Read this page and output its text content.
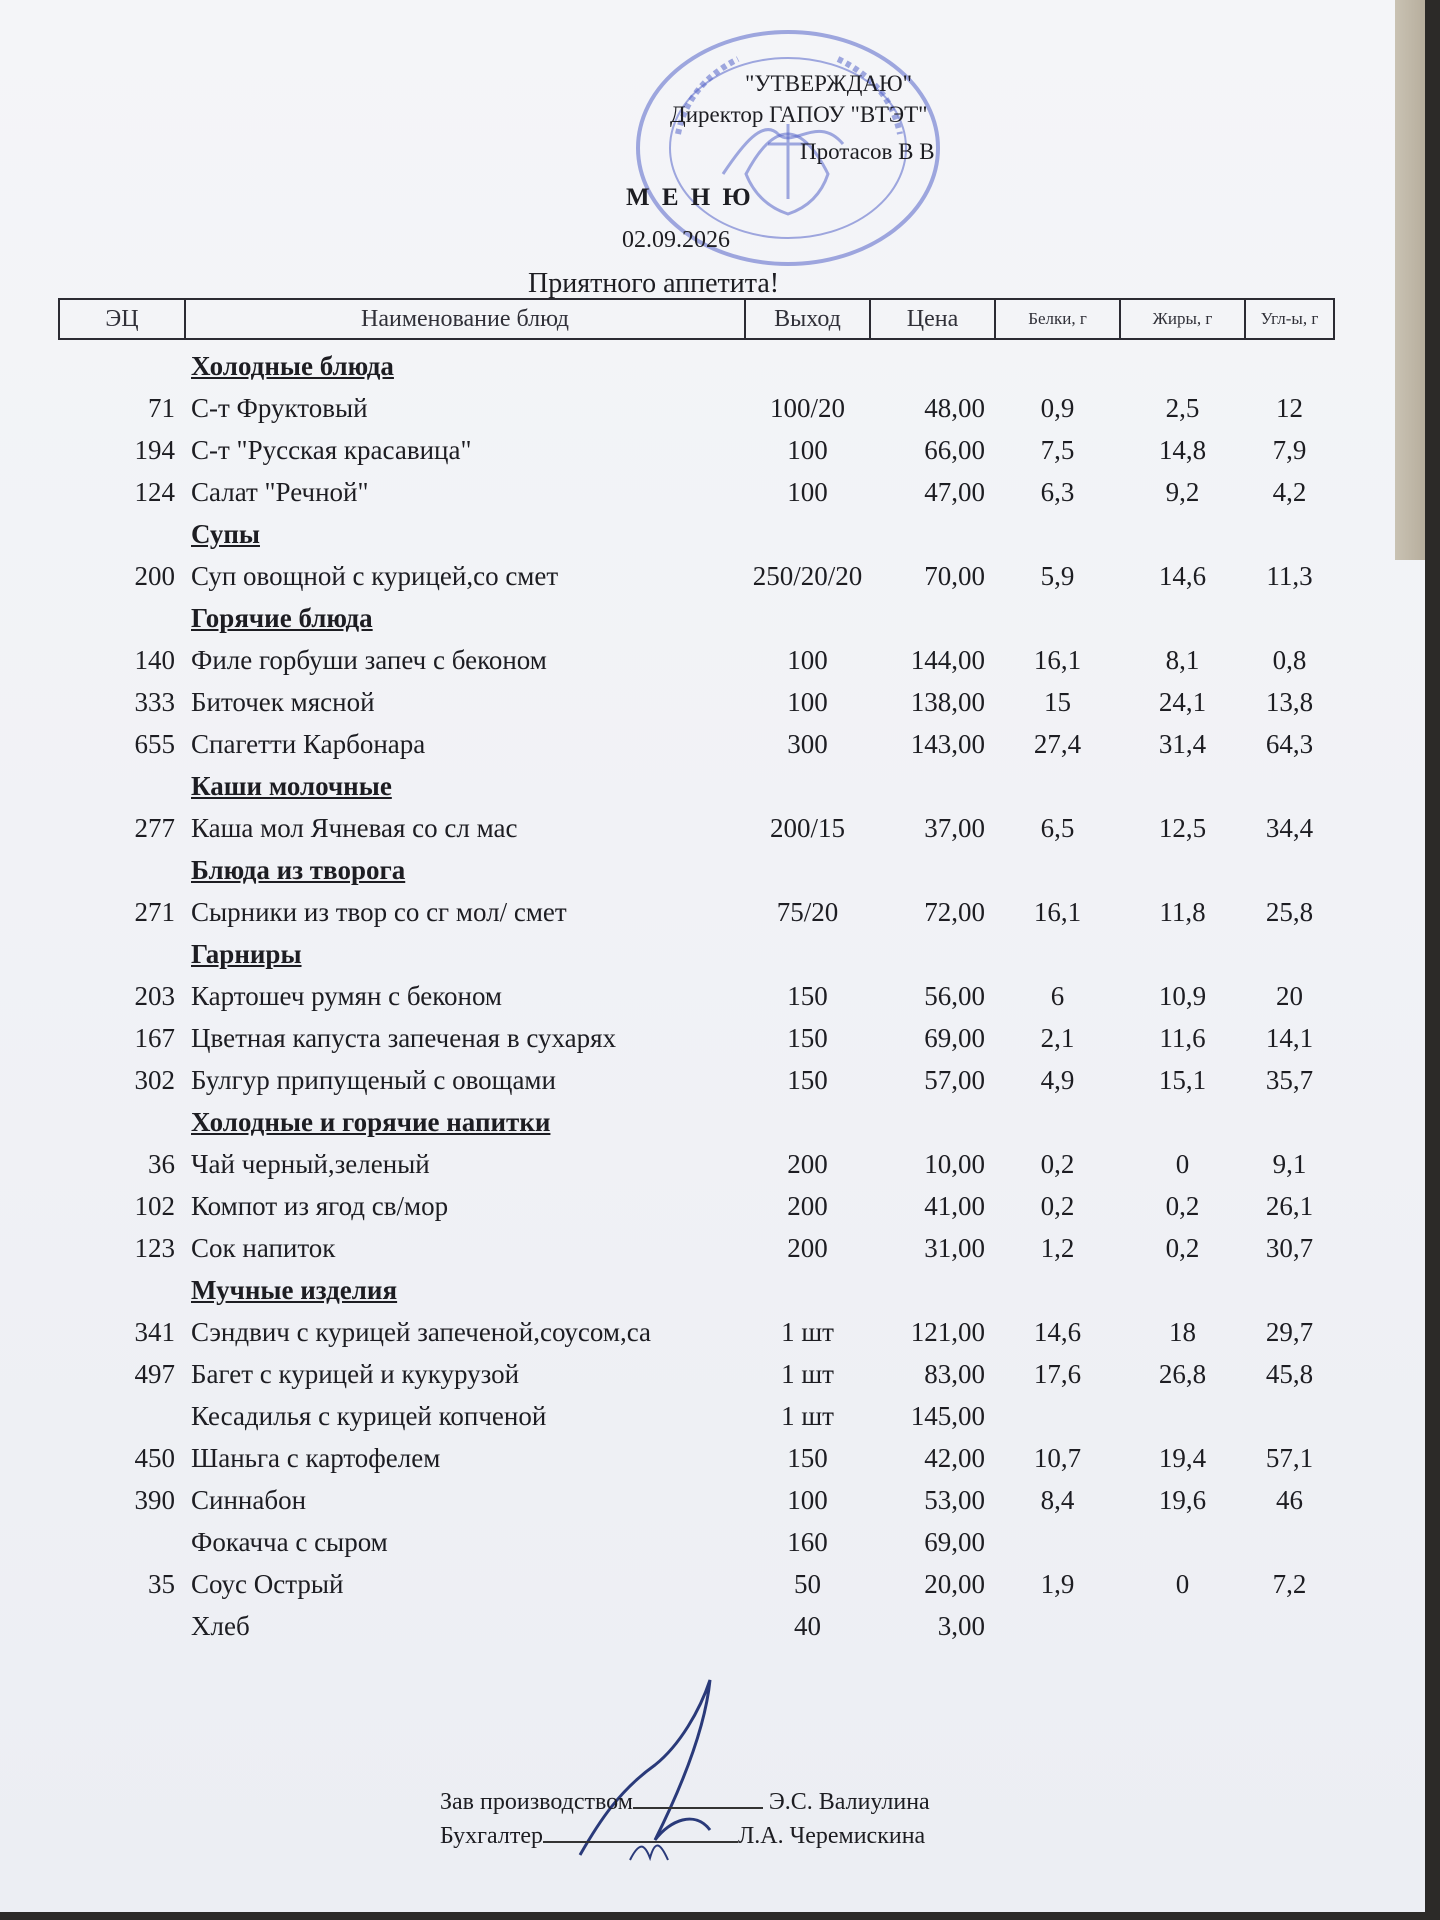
"УТВЕРЖДАЮ"
Директор ГАПОУ "ВТЭТ"
Протасов В В
М Е Н Ю
02.09.2026
Приятного аппетита!
ЭЦ	Наименование блюд	Выход	Цена	Белки, г	Жиры, г	Угл-ы, г
	Холодные блюда					
71	С-т Фруктовый	100/20	48,00	0,9	2,5	12
194	С-т "Русская красавица"	100	66,00	7,5	14,8	7,9
124	Салат "Речной"	100	47,00	6,3	9,2	4,2
	Супы					
200	Суп овощной с курицей,со смет	250/20/20	70,00	5,9	14,6	11,3
	Горячие блюда					
140	Филе горбуши запеч с беконом	100	144,00	16,1	8,1	0,8
333	Биточек мясной	100	138,00	15	24,1	13,8
655	Спагетти Карбонара	300	143,00	27,4	31,4	64,3
	Каши молочные					
277	Каша мол Ячневая со сл мас	200/15	37,00	6,5	12,5	34,4
	Блюда из творога					
271	Сырники из твор со сг мол/ смет	75/20	72,00	16,1	11,8	25,8
	Гарниры					
203	Картошеч румян с беконом	150	56,00	6	10,9	20
167	Цветная капуста запеченая в сухарях	150	69,00	2,1	11,6	14,1
302	Булгур припущеный с овощами	150	57,00	4,9	15,1	35,7
	Холодные и горячие напитки					
36	Чай черный,зеленый	200	10,00	0,2	0	9,1
102	Компот из ягод св/мор	200	41,00	0,2	0,2	26,1
123	Сок напиток	200	31,00	1,2	0,2	30,7
	Мучные изделия					
341	Сэндвич с курицей запеченой,соусом,са	1 шт	121,00	14,6	18	29,7
497	Багет с курицей и кукурузой	1 шт	83,00	17,6	26,8	45,8
	Кесадилья с курицей копченой	1 шт	145,00			
450	Шаньга с картофелем	150	42,00	10,7	19,4	57,1
390	Синнабон	100	53,00	8,4	19,6	46
	Фокачча с сыром	160	69,00			
35	Соус Острый	50	20,00	1,9	0	7,2
	Хлеб	40	3,00			
Зав производством	Э.С. Валиулина
Бухгалтер	Л.А. Черемискина
